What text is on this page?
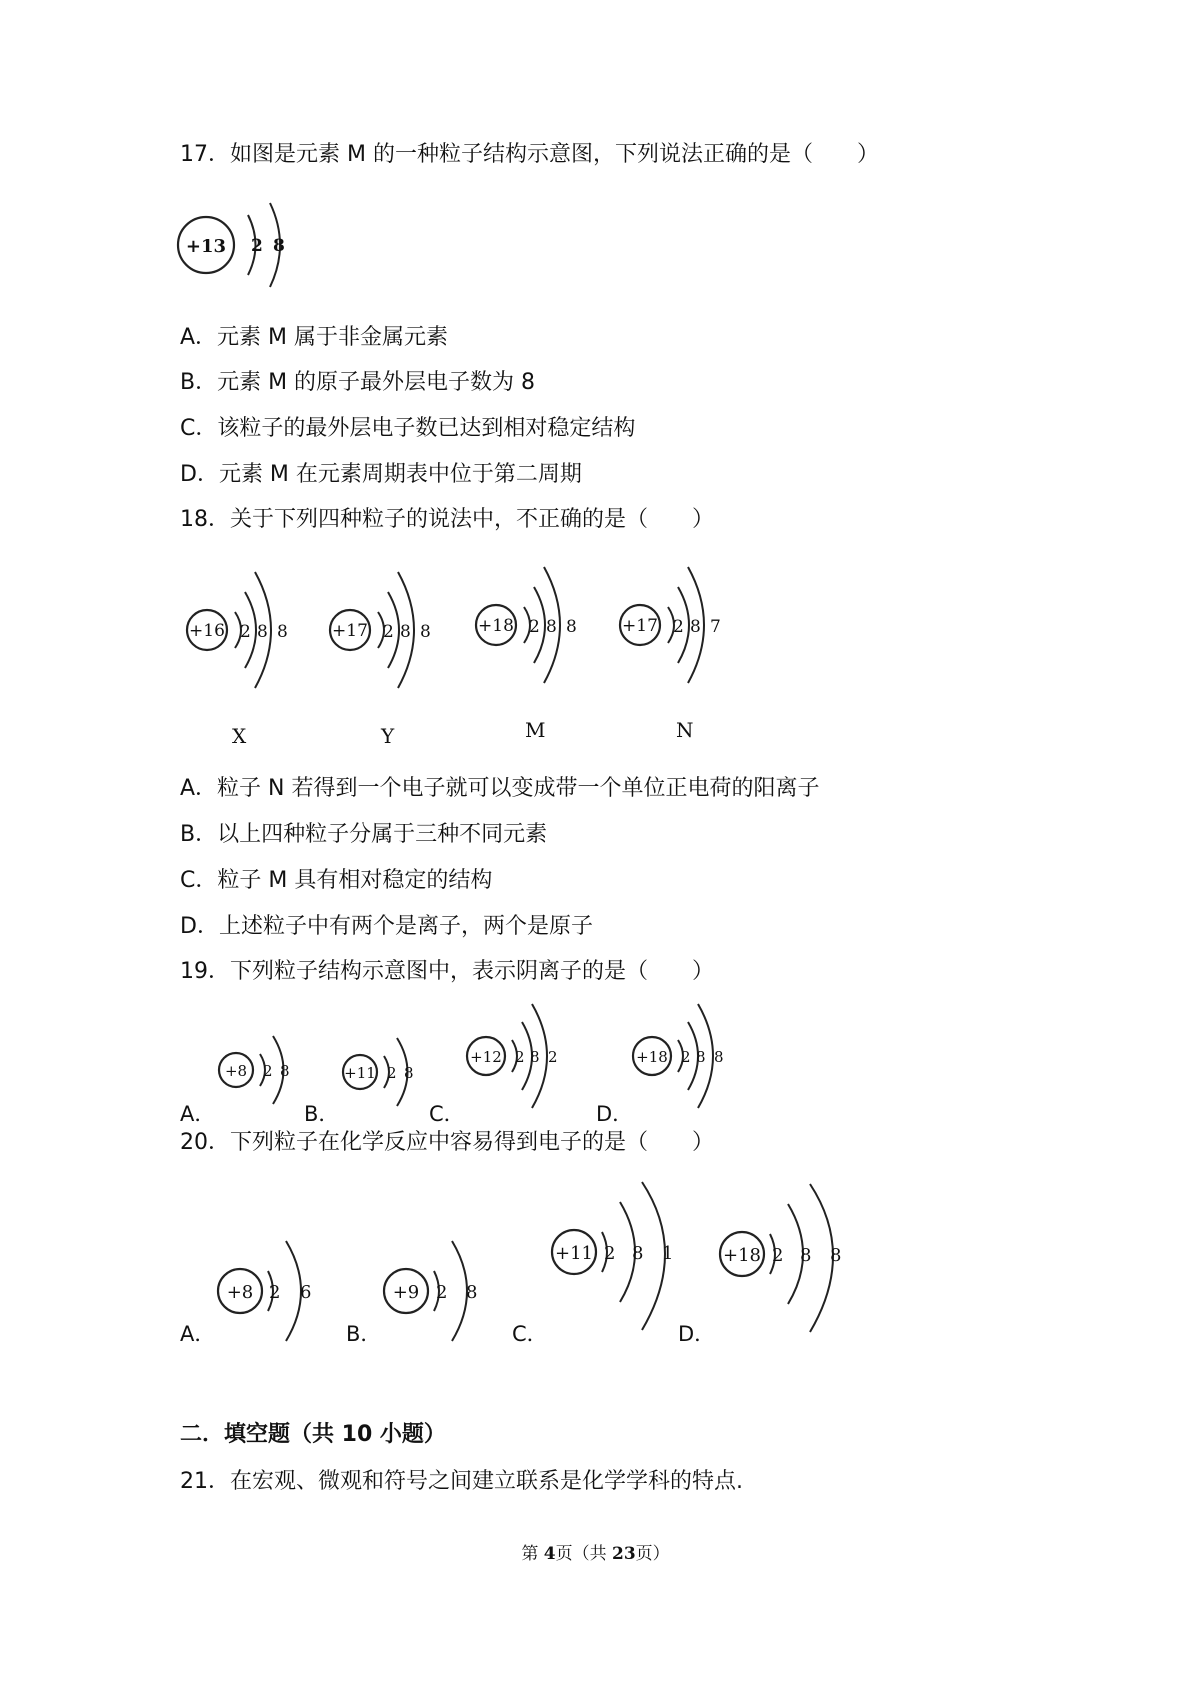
17．如图是元素 M 的一种粒子结构示意图，下列说法正确的是（　　）
+13 2 8
A．元素 M 属于非金属元素
B．元素 M 的原子最外层电子数为 8
C．该粒子的最外层电子数已达到相对稳定结构
D．元素 M 在元素周期表中位于第二周期
18．关于下列四种粒子的说法中，不正确的是（　　）
+16 2 8 8
X
+17 2 8 8
Y
+18 2 8 8
M
+17 2 8 7
N
A．粒子 N 若得到一个电子就可以变成带一个单位正电荷的阳离子
B．以上四种粒子分属于三种不同元素
C．粒子 M 具有相对稳定的结构
D．上述粒子中有两个是离子，两个是原子
19．下列粒子结构示意图中，表示阴离子的是（　　）
A．
+8 2 8
B．
+11 2 8
C．
+12 2 8 2
D．
+18 2 8 8
20．下列粒子在化学反应中容易得到电子的是（　　）
A．
+8 2 6
B．
+9 2 8
C．
+11 2 8 1
D．
+18 2 8 8
二．填空题（共 10 小题）
21．在宏观、微观和符号之间建立联系是化学学科的特点.
第 4页（共 23页）
